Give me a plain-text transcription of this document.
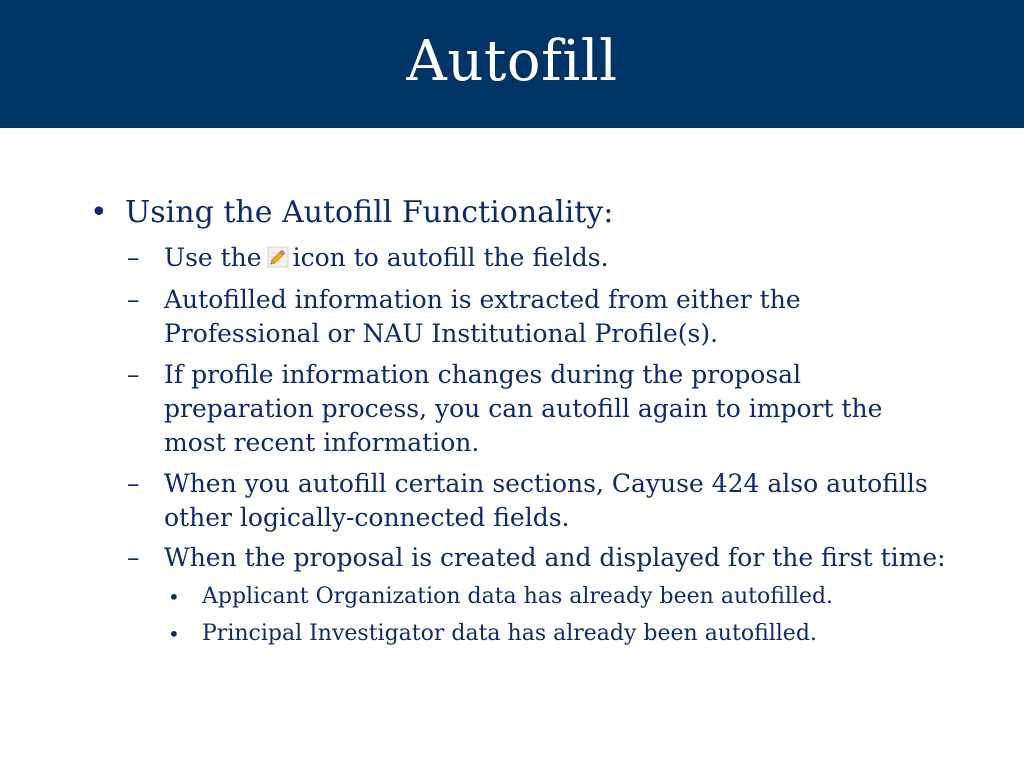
Autofill
• Using the Autofill Functionality:
– Use the icon to autofill the fields.
– Autofilled information is extracted from either the
Professional or NAU Institutional Profile(s).
– If profile information changes during the proposal
preparation process, you can autofill again to import the
most recent information.
– When you autofill certain sections, Cayuse 424 also autofills
other logically-connected fields.
– When the proposal is created and displayed for the first time:
• Applicant Organization data has already been autofilled.
• Principal Investigator data has already been autofilled.
